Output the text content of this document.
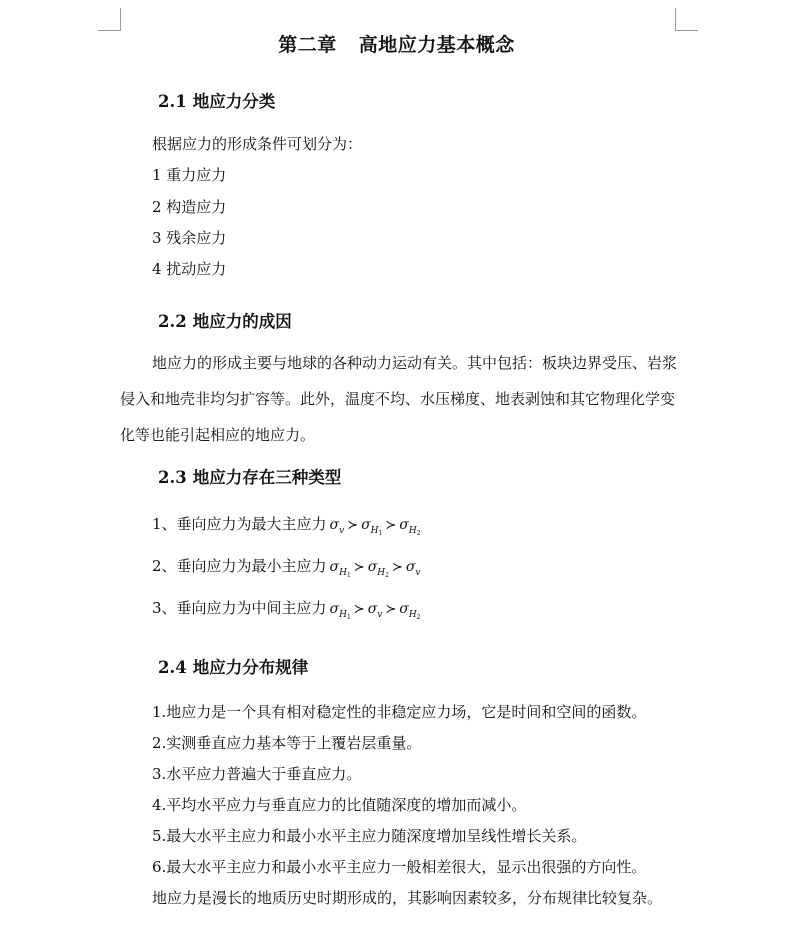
第二章 高地应力基本概念
2.1 地应力分类
根据应力的形成条件可划分为：
1 重力应力
2 构造应力
3 残余应力
4 扰动应力
2.2 地应力的成因
地应力的形成主要与地球的各种动力运动有关。其中包括：板块边界受压、岩浆侵入和地壳非均匀扩容等。此外，温度不均、水压梯度、地表剥蚀和其它物理化学变化等也能引起相应的地应力。
2.3 地应力存在三种类型
1、垂向应力为最大主应力 $\sigma_v$ ≻ $\sigma_{H_1}≻$ $\sigma_{H_2}$
2、垂向应力为最小主应力 $\sigma_{H_1}≻$ $\sigma_{H_2}≻$ $\sigma_v$
3、垂向应力为中间主应力 $\sigma_{H_1}≻$ $\sigma_v$ ≻ $\sigma_{H_2}$
2.4 地应力分布规律
1.地应力是一个具有相对稳定性的非稳定应力场，它是时间和空间的函数。
2.实测垂直应力基本等于上覆岩层重量。
3.水平应力普遍大于垂直应力。
4.平均水平应力与垂直应力的比值随深度的增加而减小。
5.最大水平主应力和最小水平主应力随深度增加呈线性增长关系。
6.最大水平主应力和最小水平主应力一般相差很大，显示出很强的方向性。
地应力是漫长的地质历史时期形成的，其影响因素较多，分布规律比较复杂。
